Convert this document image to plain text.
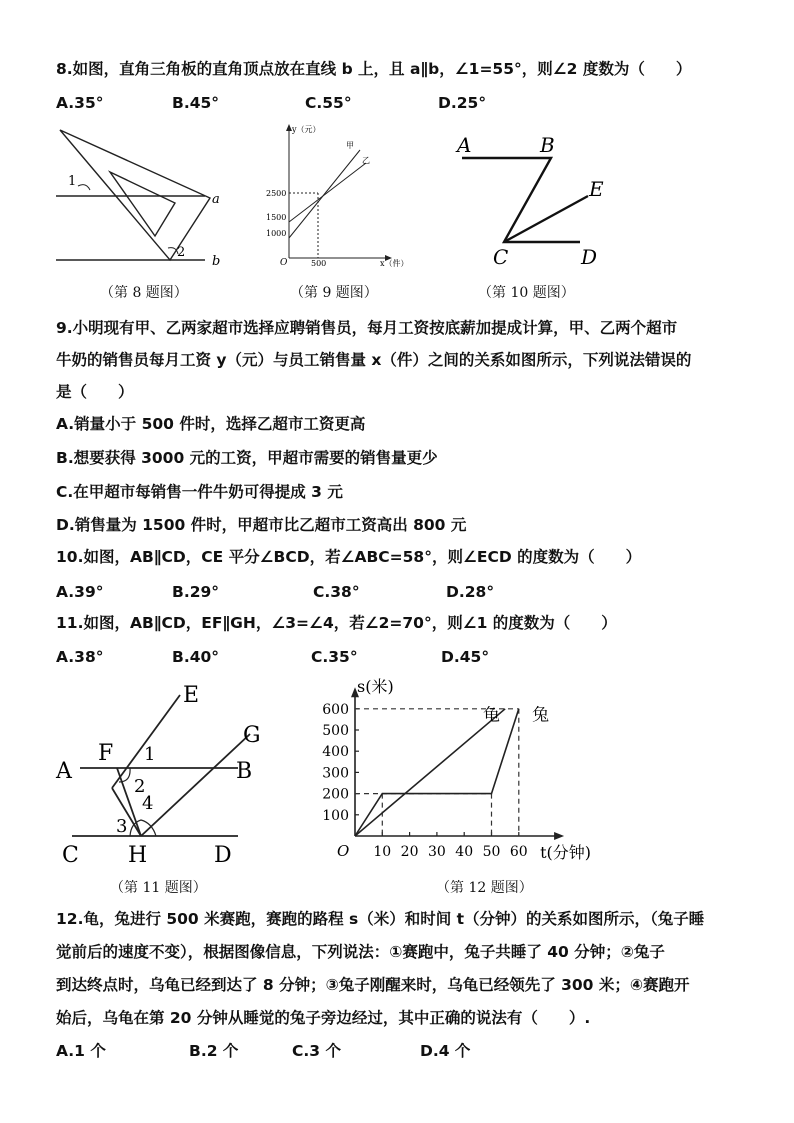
8.如图，直角三角板的直角顶点放在直线 b 上，且 a∥b，∠1=55°，则∠2 度数为（　　）
A.35°	B.45°	C.55°	D.25°
1
2
a
b
y（元）
x（件）
O
甲
乙
2500
1500
1000
500
A	B
E
C	D
（第 8 题图）	（第 9 题图）	（第 10 题图）
9.小明现有甲、乙两家超市选择应聘销售员，每月工资按底薪加提成计算，甲、乙两个超市
牛奶的销售员每月工资 y（元）与员工销售量 x（件）之间的关系如图所示，下列说法错误的
是（　　）
A.销量小于 500 件时，选择乙超市工资更高
B.想要获得 3000 元的工资，甲超市需要的销售量更少
C.在甲超市每销售一件牛奶可得提成 3 元
D.销售量为 1500 件时，甲超市比乙超市工资高出 800 元
10.如图，AB∥CD，CE 平分∠BCD，若∠ABC=58°，则∠ECD 的度数为（　　）
A.39°	B.29°	C.38°	D.28°
11.如图，AB∥CD，EF∥GH，∠3=∠4，若∠2=70°，则∠1 的度数为（　　）
A.38°	B.40°	C.35°	D.45°
E
F
G
A	B
C H	D
1
2
3
4
10 20 30 40 50 60
100
200
300
400
500
600	龟 兔
s(米)
t(分钟)
O
（第 11 题图）	（第 12 题图）
12.龟，兔进行 500 米赛跑，赛跑的路程 s（米）和时间 t（分钟）的关系如图所示，（兔子睡
觉前后的速度不变），根据图像信息，下列说法：①赛跑中，兔子共睡了 40 分钟；②兔子
到达终点时，乌龟已经到达了 8 分钟；③兔子刚醒来时，乌龟已经领先了 300 米；④赛跑开
始后，乌龟在第 20 分钟从睡觉的兔子旁边经过，其中正确的说法有（　　）.
A.1 个	B.2 个	C.3 个	D.4 个
